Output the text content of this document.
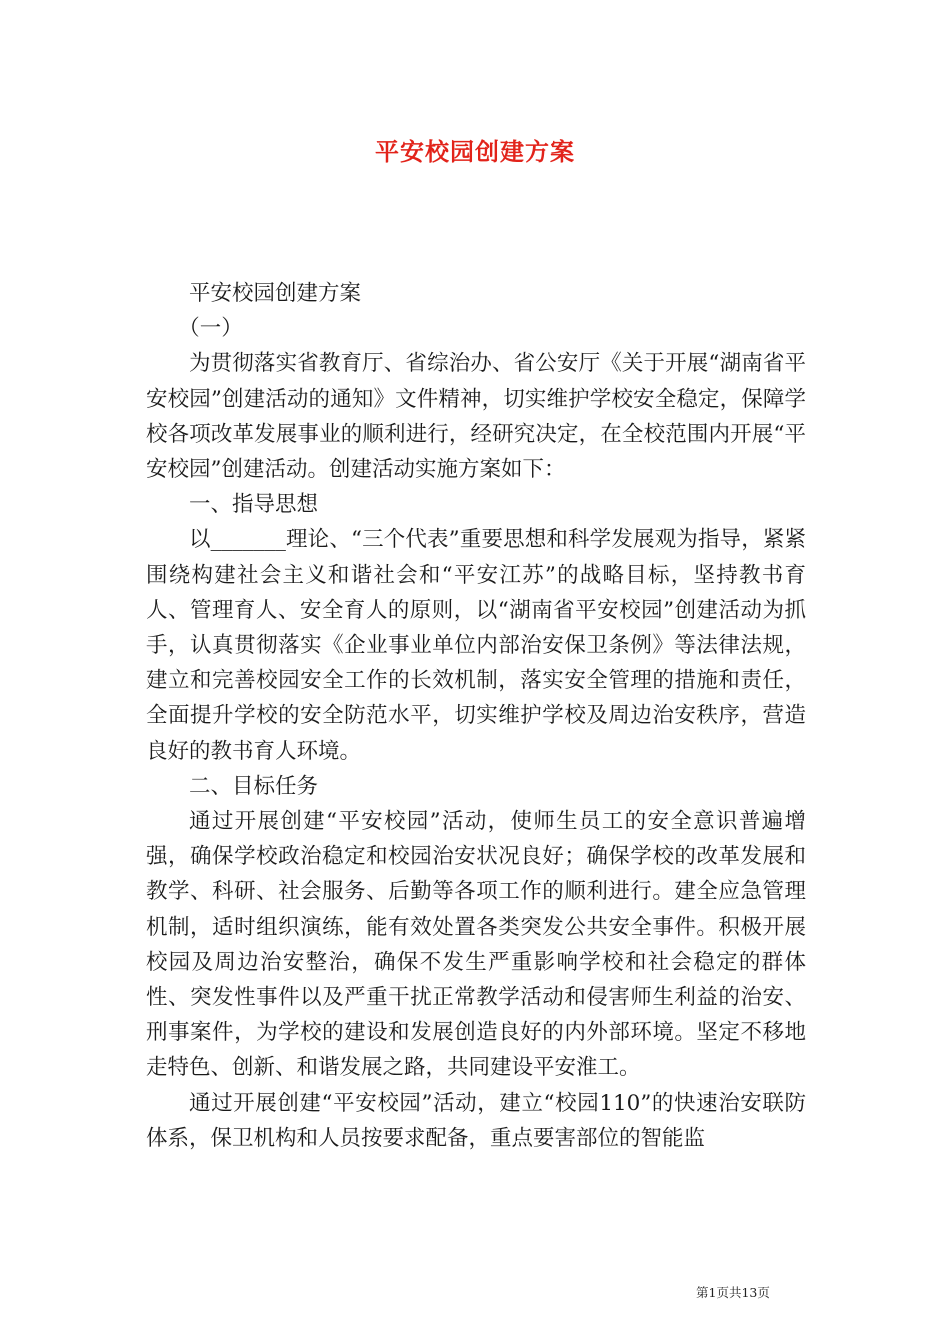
平安校园创建方案

平安校园创建方案

（一）

为贯彻落实省教育厅、省综治办、省公安厅《关于开展“湖南省平安校园”创建活动的通知》文件精神，切实维护学校安全稳定，保障学校各项改革发展事业的顺利进行，经研究决定，在全校范围内开展“平安校园”创建活动。创建活动实施方案如下：

一、指导思想

以_______理论、“三个代表”重要思想和科学发展观为指导，紧紧围绕构建社会主义和谐社会和“平安江苏”的战略目标，坚持教书育人、管理育人、安全育人的原则，以“湖南省平安校园”创建活动为抓手，认真贯彻落实《企业事业单位内部治安保卫条例》等法律法规，建立和完善校园安全工作的长效机制，落实安全管理的措施和责任，全面提升学校的安全防范水平，切实维护学校及周边治安秩序，营造良好的教书育人环境。

二、目标任务

通过开展创建“平安校园”活动，使师生员工的安全意识普遍增强，确保学校政治稳定和校园治安状况良好；确保学校的改革发展和教学、科研、社会服务、后勤等各项工作的顺利进行。建全应急管理机制，适时组织演练，能有效处置各类突发公共安全事件。积极开展校园及周边治安整治，确保不发生严重影响学校和社会稳定的群体性、突发性事件以及严重干扰正常教学活动和侵害师生利益的治安、刑事案件，为学校的建设和发展创造良好的内外部环境。坚定不移地走特色、创新、和谐发展之路，共同建设平安淮工。

通过开展创建“平安校园”活动，建立“校园110”的快速治安联防体系，保卫机构和人员按要求配备，重点要害部位的智能监

第1页共13页
